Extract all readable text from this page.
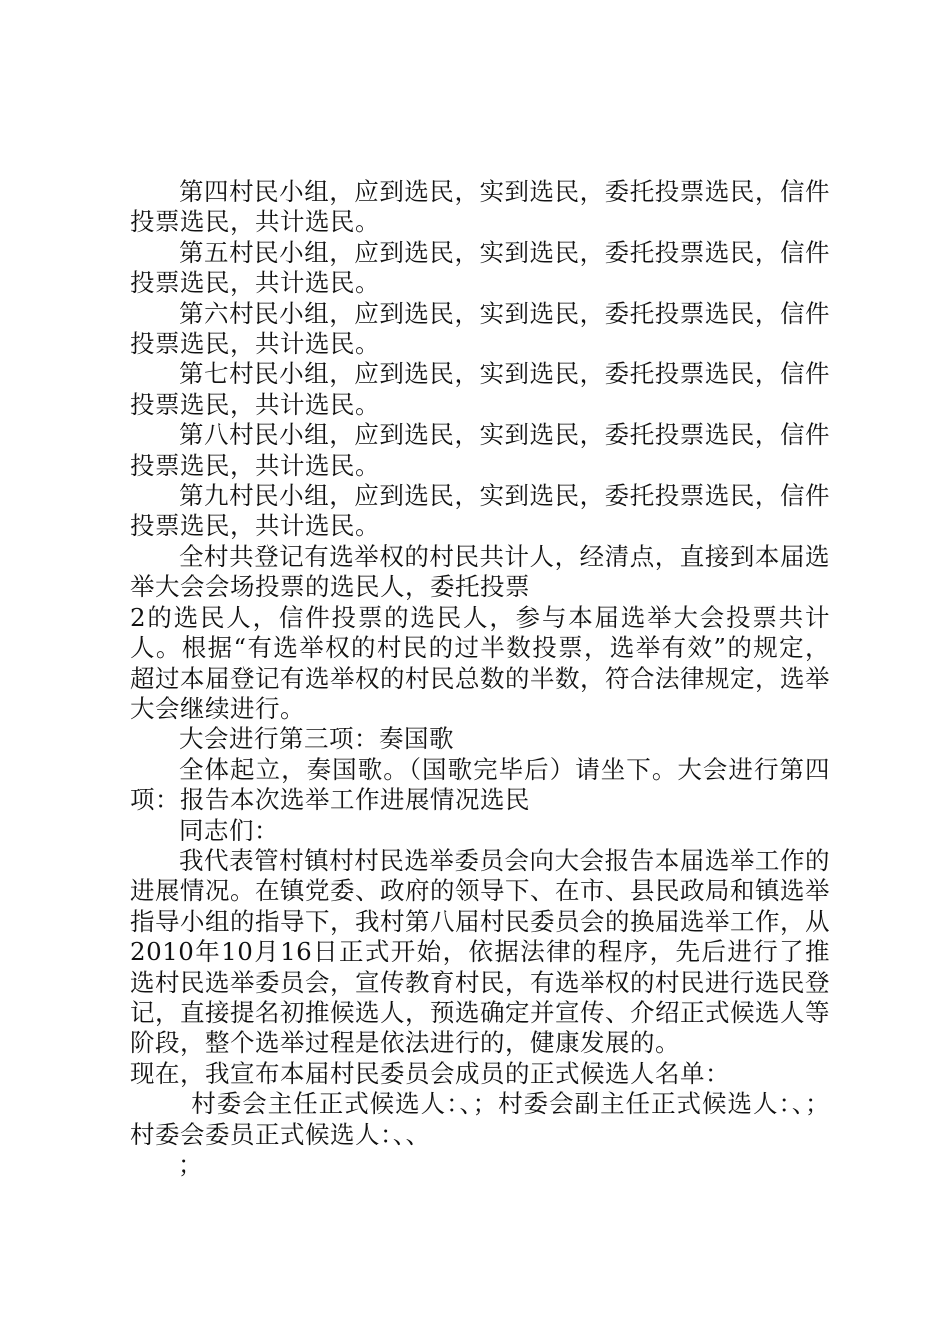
第四村民小组，应到选民，实到选民，委托投票选民，信件投票选民，共计选民。

第五村民小组，应到选民，实到选民，委托投票选民，信件投票选民，共计选民。

第六村民小组，应到选民，实到选民，委托投票选民，信件投票选民，共计选民。

第七村民小组，应到选民，实到选民，委托投票选民，信件投票选民，共计选民。

第八村民小组，应到选民，实到选民，委托投票选民，信件投票选民，共计选民。

第九村民小组，应到选民，实到选民，委托投票选民，信件投票选民，共计选民。

全村共登记有选举权的村民共计人，经清点，直接到本届选举大会会场投票的选民人，委托投票

2的选民人，信件投票的选民人，参与本届选举大会投票共计人。根据“有选举权的村民的过半数投票，选举有效”的规定，超过本届登记有选举权的村民总数的半数，符合法律规定，选举大会继续进行。

大会进行第三项：奏国歌

全体起立，奏国歌。（国歌完毕后）请坐下。大会进行第四项：报告本次选举工作进展情况选民

同志们：

我代表管村镇村村民选举委员会向大会报告本届选举工作的进展情况。在镇党委、政府的领导下、在市、县民政局和镇选举指导小组的指导下，我村第八届村民委员会的换届选举工作，从2010年10月16日正式开始，依据法律的程序，先后进行了推选村民选举委员会，宣传教育村民，有选举权的村民进行选民登记，直接提名初推候选人，预选确定并宣传、介绍正式候选人等阶段，整个选举过程是依法进行的，健康发展的。

现在，我宣布本届村民委员会成员的正式候选人名单：

村委会主任正式候选人：、；村委会副主任正式候选人：、；村委会委员正式候选人：、、

；
